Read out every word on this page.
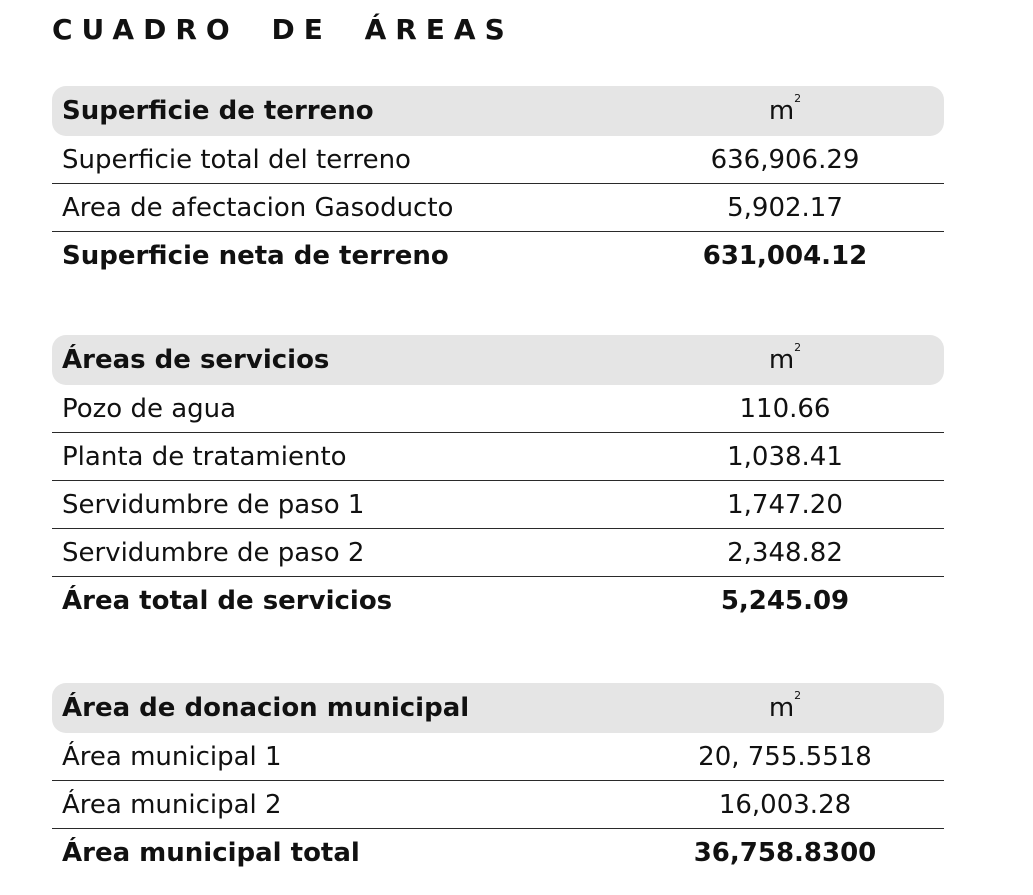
CUADRO DE ÁREAS
Superficie de terreno	$m^2$
Superficie total del terreno	636,906.29
Area de afectacion Gasoducto	5,902.17
Superficie neta de terreno	631,004.12
Áreas de servicios	$m^2$
Pozo de agua	110.66
Planta de tratamiento	1,038.41
Servidumbre de paso 1	1,747.20
Servidumbre de paso 2	2,348.82
Área total de servicios	5,245.09
Área de donacion municipal	$m^2$
Área municipal 1	20, 755.5518
Área municipal 2	16,003.28
Área municipal total	36,758.8300
